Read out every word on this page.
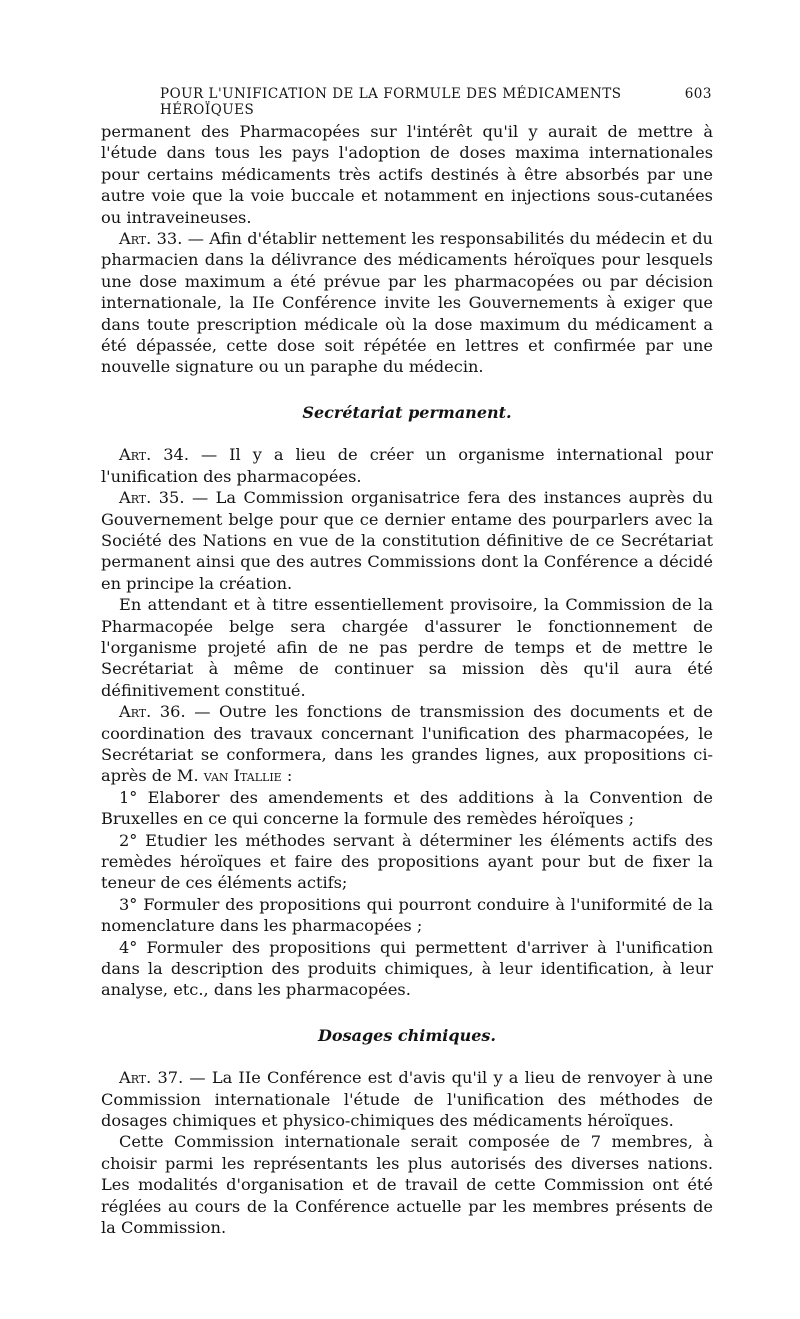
POUR L'UNIFICATION DE LA FORMULE DES MÉDICAMENTS HÉROÏQUES
603

permanent des Pharmacopées sur l'intérêt qu'il y aurait de mettre à l'étude dans tous les pays l'adoption de doses maxima internationales pour certains médicaments très actifs destinés à être absorbés par une autre voie que la voie buccale et notamment en injections sous-cutanées ou intraveineuses.

Art. 33. — Afin d'établir nettement les responsabilités du médecin et du pharmacien dans la délivrance des médicaments héroïques pour lesquels une dose maximum a été prévue par les pharmacopées ou par décision internationale, la IIe Conférence invite les Gouvernements à exiger que dans toute prescription médicale où la dose maximum du médicament a été dépassée, cette dose soit répétée en lettres et confirmée par une nouvelle signature ou un paraphe du médecin.

Secrétariat permanent.

Art. 34. — Il y a lieu de créer un organisme international pour l'unification des pharmacopées.

Art. 35. — La Commission organisatrice fera des instances auprès du Gouvernement belge pour que ce dernier entame des pourparlers avec la Société des Nations en vue de la constitution définitive de ce Secrétariat permanent ainsi que des autres Commissions dont la Conférence a décidé en principe la création.

En attendant et à titre essentiellement provisoire, la Commission de la Pharmacopée belge sera chargée d'assurer le fonctionnement de l'organisme projeté afin de ne pas perdre de temps et de mettre le Secrétariat à même de continuer sa mission dès qu'il aura été définitivement constitué.

Art. 36. — Outre les fonctions de transmission des documents et de coordination des travaux concernant l'unification des pharmacopées, le Secrétariat se conformera, dans les grandes lignes, aux propositions ci-après de M. van Itallie :

1° Elaborer des amendements et des additions à la Convention de Bruxelles en ce qui concerne la formule des remèdes héroïques ;

2° Etudier les méthodes servant à déterminer les éléments actifs des remèdes héroïques et faire des propositions ayant pour but de fixer la teneur de ces éléments actifs;

3° Formuler des propositions qui pourront conduire à l'uniformité de la nomenclature dans les pharmacopées ;

4° Formuler des propositions qui permettent d'arriver à l'unification dans la description des produits chimiques, à leur identification, à leur analyse, etc., dans les pharmacopées.

Dosages chimiques.

Art. 37. — La IIe Conférence est d'avis qu'il y a lieu de renvoyer à une Commission internationale l'étude de l'unification des méthodes de dosages chimiques et physico-chimiques des médicaments héroïques.

Cette Commission internationale serait composée de 7 membres, à choisir parmi les représentants les plus autorisés des diverses nations. Les modalités d'organisation et de travail de cette Commission ont été réglées au cours de la Conférence actuelle par les membres présents de la Commission.
